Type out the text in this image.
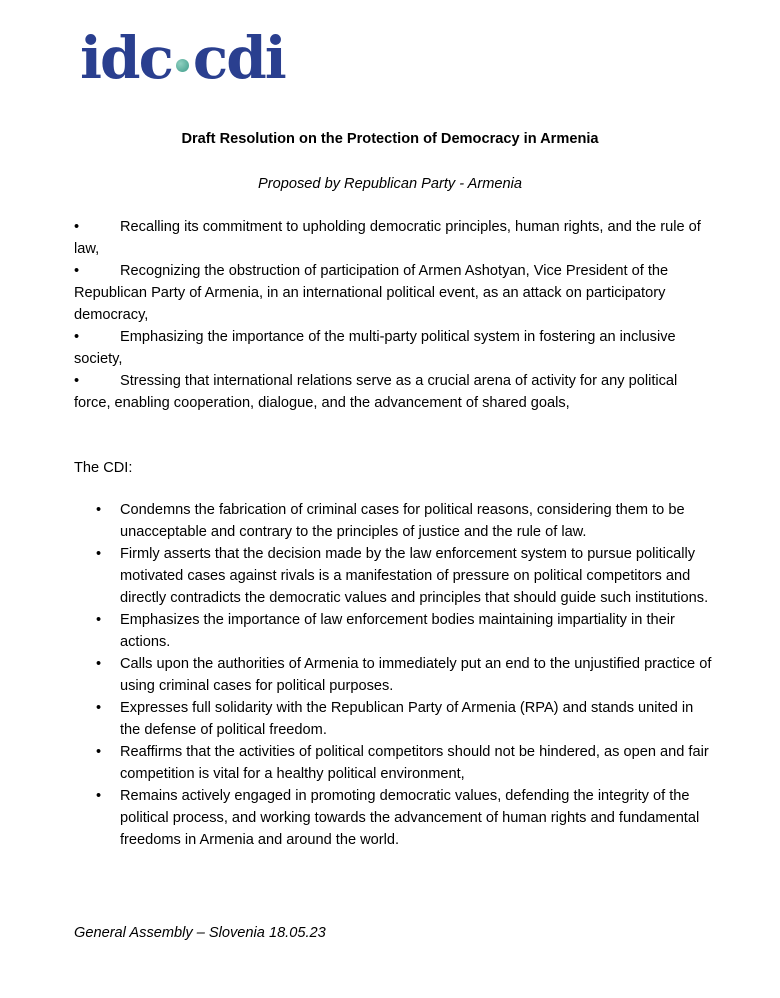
idc cdi
Draft Resolution on the Protection of Democracy in Armenia
Proposed by Republican Party - Armenia

•	Recalling its commitment to upholding democratic principles, human rights, and the rule of law,

•	Recognizing the obstruction of participation of Armen Ashotyan, Vice President of the Republican Party of Armenia, in an international political event, as an attack on participatory democracy,

•	Emphasizing the importance of the multi-party political system in fostering an inclusive society,

•	Stressing that international relations serve as a crucial arena of activity for any political force, enabling cooperation, dialogue, and the advancement of shared goals,

The CDI:
• Condemns the fabrication of criminal cases for political reasons, considering them to be unacceptable and contrary to the principles of justice and the rule of law.
• Firmly asserts that the decision made by the law enforcement system to pursue politically motivated cases against rivals is a manifestation of pressure on political competitors and directly contradicts the democratic values and principles that should guide such institutions.
• Emphasizes the importance of law enforcement bodies maintaining impartiality in their actions.
• Calls upon the authorities of Armenia to immediately put an end to the unjustified practice of using criminal cases for political purposes.
• Expresses full solidarity with the Republican Party of Armenia (RPA) and stands united in the defense of political freedom.
• Reaffirms that the activities of political competitors should not be hindered, as open and fair competition is vital for a healthy political environment,
• Remains actively engaged in promoting democratic values, defending the integrity of the political process, and working towards the advancement of human rights and fundamental freedoms in Armenia and around the world.
General Assembly – Slovenia 18.05.23
